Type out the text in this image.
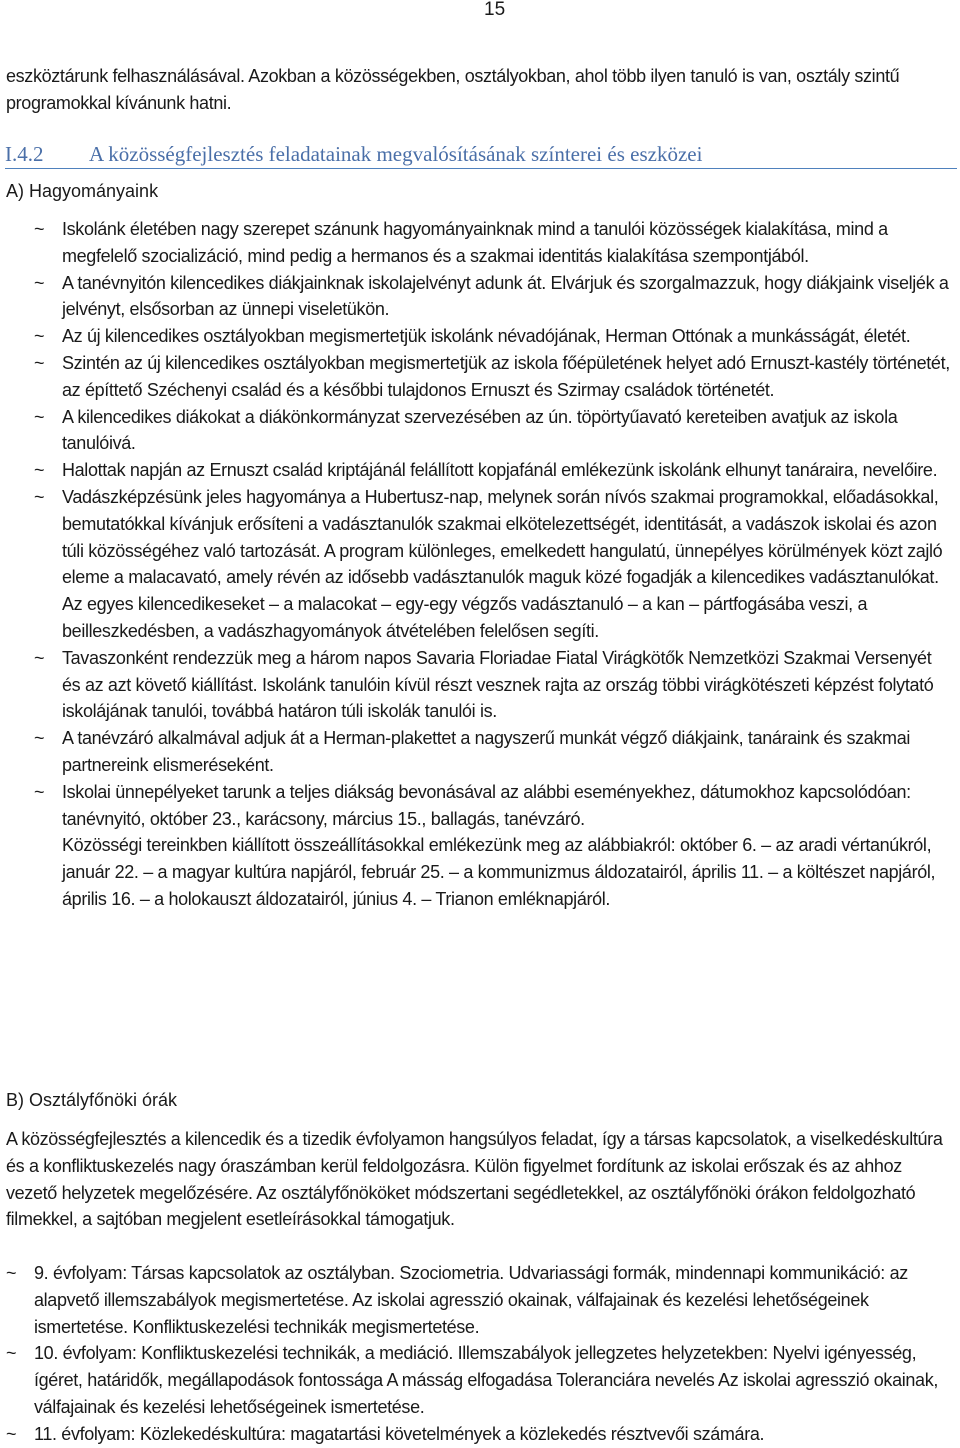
15

eszköztárunk felhasználásával. Azokban a közösségekben, osztályokban, ahol több ilyen tanuló is van, osztály szintű programokkal kívánunk hatni.

I.4.2 A közösségfejlesztés feladatainak megvalósításának színterei és eszközei
A) Hagyományaink
~ Iskolánk életében nagy szerepet szánunk hagyományainknak mind a tanulói közösségek kialakítása, mind a megfelelő szocializáció, mind pedig a hermanos és a szakmai identitás kialakítása szempontjából.
~ A tanévnyitón kilencedikes diákjainknak iskolajelvényt adunk át. Elvárjuk és szorgalmazzuk, hogy diákjaink viseljék a jelvényt, elsősorban az ünnepi viseletükön.
~ Az új kilencedikes osztályokban megismertetjük iskolánk névadójának, Herman Ottónak a munkásságát, életét.
~ Szintén az új kilencedikes osztályokban megismertetjük az iskola főépületének helyet adó Ernuszt-kastély történetét, az építtető Széchenyi család és a későbbi tulajdonos Ernuszt és Szirmay családok történetét.
~ A kilencedikes diákokat a diákönkormányzat szervezésében az ún. töpörtyűavató kereteiben avatjuk az iskola tanulóivá.
~ Halottak napján az Ernuszt család kriptájánál felállított kopjafánál emlékezünk iskolánk elhunyt tanáraira, nevelőire.
~ Vadászképzésünk jeles hagyománya a Hubertusz-nap, melynek során nívós szakmai programokkal, előadásokkal, bemutatókkal kívánjuk erősíteni a vadásztanulók szakmai elkötelezettségét, identitását, a vadászok iskolai és azon túli közösségéhez való tartozását. A program különleges, emelkedett hangulatú, ünnepélyes körülmények közt zajló eleme a malacavató, amely révén az idősebb vadásztanulók maguk közé fogadják a kilencedikes vadásztanulókat. Az egyes kilencedikeseket – a malacokat – egy-egy végzős vadásztanuló – a kan – pártfogásába veszi, a beilleszkedésben, a vadászhagyományok átvételében felelősen segíti.
~ Tavaszonként rendezzük meg a három napos Savaria Floriadae Fiatal Virágkötők Nemzetközi Szakmai Versenyét és az azt követő kiállítást. Iskolánk tanulóin kívül részt vesznek rajta az ország többi virágkötészeti képzést folytató iskolájának tanulói, továbbá határon túli iskolák tanulói is.
~ A tanévzáró alkalmával adjuk át a Herman-plakettet a nagyszerű munkát végző diákjaink, tanáraink és szakmai partnereink elismeréseként.
~ Iskolai ünnepélyeket tarunk a teljes diákság bevonásával az alábbi eseményekhez, dátumokhoz kapcsolódóan: tanévnyitó, október 23., karácsony, március 15., ballagás, tanévzáró.

Közösségi tereinkben kiállított összeállításokkal emlékezünk meg az alábbiakról: október 6. – az aradi vértanúkról, január 22. – a magyar kultúra napjáról, február 25. – a kommunizmus áldozatairól, április 11. – a költészet napjáról, április 16. – a holokauszt áldozatairól, június 4. – Trianon emléknapjáról.

B) Osztályfőnöki órák

A közösségfejlesztés a kilencedik és a tizedik évfolyamon hangsúlyos feladat, így a társas kapcsolatok, a viselkedéskultúra és a konfliktuskezelés nagy óraszámban kerül feldolgozásra. Külön figyelmet fordítunk az iskolai erőszak és az ahhoz vezető helyzetek megelőzésére. Az osztályfőnököket módszertani segédletekkel, az osztályfőnöki órákon feldolgozható filmekkel, a sajtóban megjelent esetleírásokkal támogatjuk.

~ 9. évfolyam: Társas kapcsolatok az osztályban. Szociometria. Udvariassági formák, mindennapi kommunikáció: az alapvető illemszabályok megismertetése. Az iskolai agresszió okainak, válfajainak és kezelési lehetőségeinek ismertetése. Konfliktuskezelési technikák megismertetése.
~ 10. évfolyam: Konfliktuskezelési technikák, a mediáció. Illemszabályok jellegzetes helyzetekben: Nyelvi igényesség, ígéret, határidők, megállapodások fontossága A másság elfogadása Toleranciára nevelés Az iskolai agresszió okainak, válfajainak és kezelési lehetőségeinek ismertetése.
~ 11. évfolyam: Közlekedéskultúra: magatartási követelmények a közlekedés résztvevői számára.
